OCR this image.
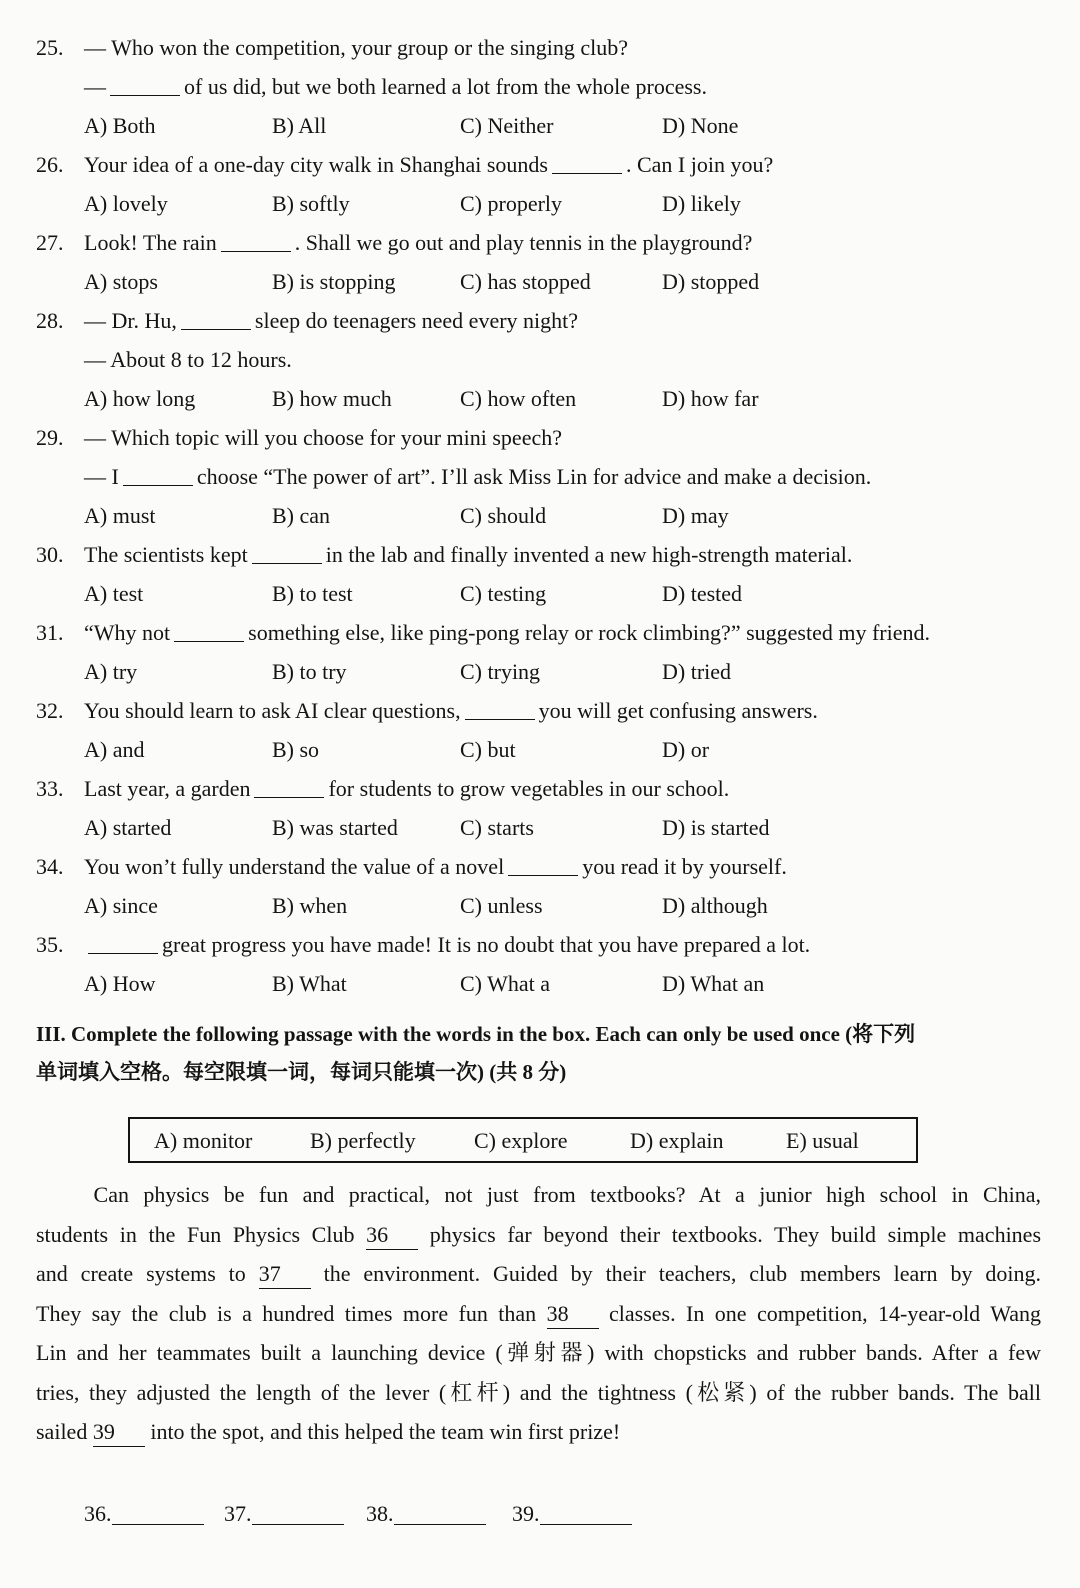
25. — Who won the competition, your group or the singing club?
—	of us did, but we both learned a lot from the whole process.
A) Both	B) All	C) Neither	D) None
26. Your idea of a one-day city walk in Shanghai sounds	. Can I join you?
A) lovely	B) softly	C) properly	D) likely
27. Look! The rain	. Shall we go out and play tennis in the playground?
A) stops	B) is stopping	C) has stopped	D) stopped
28. — Dr. Hu,	sleep do teenagers need every night?
— About 8 to 12 hours.
A) how long	B) how much	C) how often	D) how far
29. — Which topic will you choose for your mini speech?
— I	choose “The power of art”. I’ll ask Miss Lin for advice and make a decision.
A) must	B) can	C) should	D) may
30. The scientists kept	in the lab and finally invented a new high-strength material.
A) test	B) to test	C) testing	D) tested
31. “Why not	something else, like ping-pong relay or rock climbing?” suggested my friend.
A) try	B) to try	C) trying	D) tried
32. You should learn to ask AI clear questions,	you will get confusing answers.
A) and	B) so	C) but	D) or
33. Last year, a garden	for students to grow vegetables in our school.
A) started	B) was started	C) starts	D) is started
34. You won’t fully understand the value of a novel	you read it by yourself.
A) since	B) when	C) unless	D) although
35.	great progress you have made! It is no doubt that you have prepared a lot.
A) How	B) What	C) What a	D) What an
III. Complete the following passage with the words in the box. Each can only be used once (将下列
单词填入空格。每空限填一词，每词只能填一次) (共 8 分)
A) monitor	B) perfectly	C) explore	D) explain	E) usual
Can physics be fun and practical, not just from textbooks? At a junior high school in China,
students in the Fun Physics Club 36 physics far beyond their textbooks. They build simple machines
and create systems to 37 the environment. Guided by their teachers, club members learn by doing.
They say the club is a hundred times more fun than 38 classes. In one competition, 14-year-old Wang
Lin and her teammates built a launching device (弹射器) with chopsticks and rubber bands. After a few
tries, they adjusted the length of the lever (杠杆) and the tightness (松紧) of the rubber bands. The ball
sailed 39 into the spot, and this helped the team win first prize!
36.	37.	38.	39.
